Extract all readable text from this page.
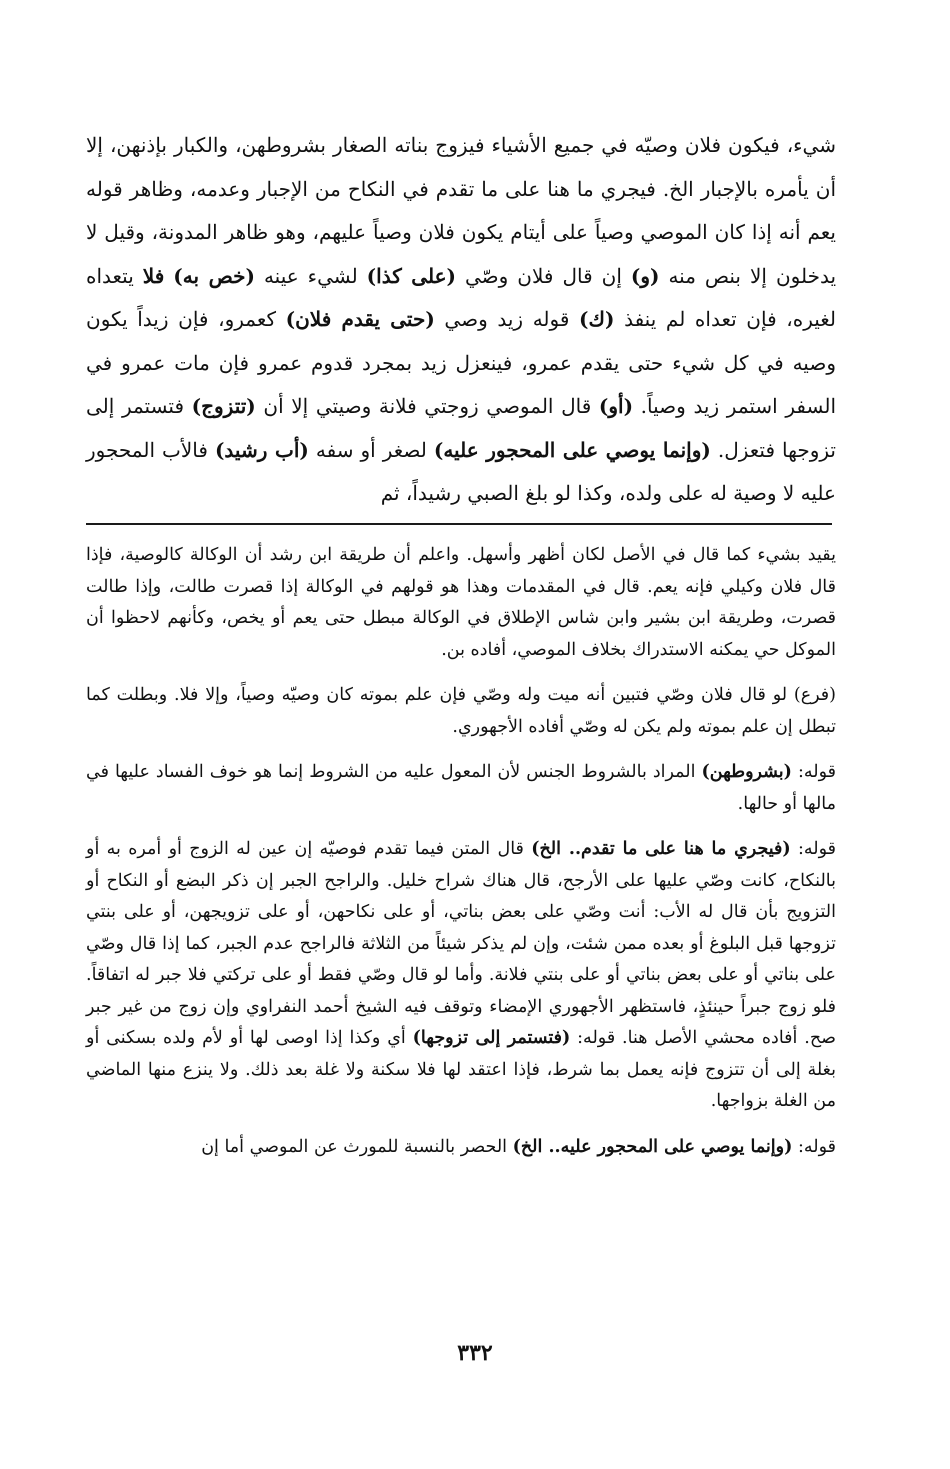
شيء، فيكون فلان وصيّه في جميع الأشياء فيزوج بناته الصغار بشروطهن، والكبار بإذنهن، إلا أن يأمره بالإجبار الخ. فيجري ما هنا على ما تقدم في النكاح من الإجبار وعدمه، وظاهر قوله يعم أنه إذا كان الموصي وصياً على أيتام يكون فلان وصياً عليهم، وهو ظاهر المدونة، وقيل لا يدخلون إلا بنص منه (و) إن قال فلان وصّي (على كذا) لشيء عينه (خص به) فلا يتعداه لغيره، فإن تعداه لم ينفذ (ك) قوله زيد وصي (حتى يقدم فلان) كعمرو، فإن زيداً يكون وصيه في كل شيء حتى يقدم عمرو، فينعزل زيد بمجرد قدوم عمرو فإن مات عمرو في السفر استمر زيد وصياً. (أو) قال الموصي زوجتي فلانة وصيتي إلا أن (تتزوج) فتستمر إلى تزوجها فتعزل. (وإنما يوصي على المحجور عليه) لصغر أو سفه (أب رشيد) فالأب المحجور عليه لا وصية له على ولده، وكذا لو بلغ الصبي رشيداً، ثم

يقيد بشيء كما قال في الأصل لكان أظهر وأسهل. واعلم أن طريقة ابن رشد أن الوكالة كالوصية، فإذا قال فلان وكيلي فإنه يعم. قال في المقدمات وهذا هو قولهم في الوكالة إذا قصرت طالت، وإذا طالت قصرت، وطريقة ابن بشير وابن شاس الإطلاق في الوكالة مبطل حتى يعم أو يخص، وكأنهم لاحظوا أن الموكل حي يمكنه الاستدراك بخلاف الموصي، أفاده بن.

(فرع) لو قال فلان وصّي فتبين أنه ميت وله وصّي فإن علم بموته كان وصيّه وصياً، وإلا فلا. وبطلت كما تبطل إن علم بموته ولم يكن له وصّي أفاده الأجهوري.

قوله: (بشروطهن) المراد بالشروط الجنس لأن المعول عليه من الشروط إنما هو خوف الفساد عليها في مالها أو حالها.

قوله: (فيجري ما هنا على ما تقدم.. الخ) قال المتن فيما تقدم فوصيّه إن عين له الزوج أو أمره به أو بالنكاح، كانت وصّي عليها على الأرجح، قال هناك شراح خليل. والراجح الجبر إن ذكر البضع أو النكاح أو التزويج بأن قال له الأب: أنت وصّي على بعض بناتي، أو على نكاحهن، أو على تزويجهن، أو على بنتي تزوجها قبل البلوغ أو بعده ممن شئت، وإن لم يذكر شيئاً من الثلاثة فالراجح عدم الجبر، كما إذا قال وصّي على بناتي أو على بعض بناتي أو على بنتي فلانة. وأما لو قال وصّي فقط أو على تركتي فلا جبر له اتفاقاً. فلو زوج جبراً حينئذٍ، فاستظهر الأجهوري الإمضاء وتوقف فيه الشيخ أحمد النفراوي وإن زوج من غير جبر صح. أفاده محشي الأصل هنا. قوله: (فتستمر إلى تزوجها) أي وكذا إذا اوصى لها أو لأم ولده بسكنى أو بغلة إلى أن تتزوج فإنه يعمل بما شرط، فإذا اعتقد لها فلا سكنة ولا غلة بعد ذلك. ولا ينزع منها الماضي من الغلة بزواجها.

قوله: (وإنما يوصي على المحجور عليه.. الخ) الحصر بالنسبة للمورث عن الموصي أما إن

٣٣٢
